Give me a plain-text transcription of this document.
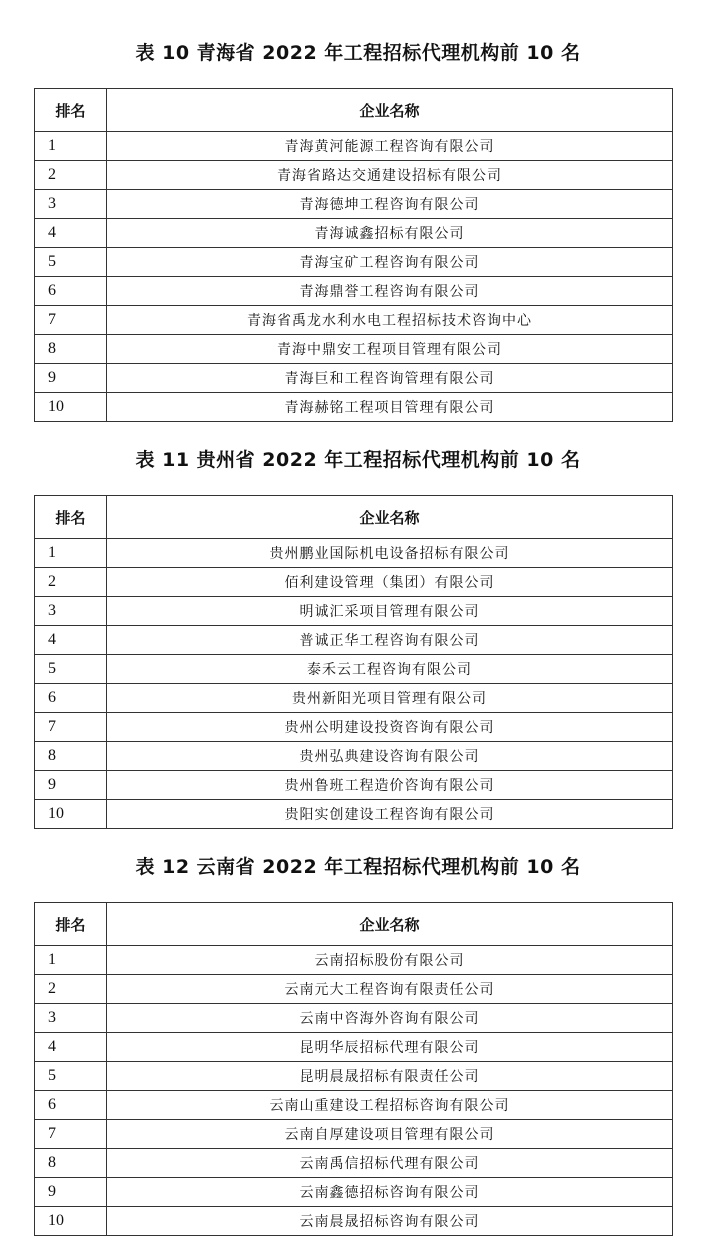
表 10 青海省 2022 年工程招标代理机构前 10 名
排名	企业名称
1	青海黄河能源工程咨询有限公司
2	青海省路达交通建设招标有限公司
3	青海德坤工程咨询有限公司
4	青海诚鑫招标有限公司
5	青海宝矿工程咨询有限公司
6	青海鼎誉工程咨询有限公司
7	青海省禹龙水利水电工程招标技术咨询中心
8	青海中鼎安工程项目管理有限公司
9	青海巨和工程咨询管理有限公司
10	青海赫铭工程项目管理有限公司
表 11 贵州省 2022 年工程招标代理机构前 10 名
排名	企业名称
1	贵州鹏业国际机电设备招标有限公司
2	佰利建设管理（集团）有限公司
3	明诚汇采项目管理有限公司
4	普诚正华工程咨询有限公司
5	泰禾云工程咨询有限公司
6	贵州新阳光项目管理有限公司
7	贵州公明建设投资咨询有限公司
8	贵州弘典建设咨询有限公司
9	贵州鲁班工程造价咨询有限公司
10	贵阳实创建设工程咨询有限公司
表 12 云南省 2022 年工程招标代理机构前 10 名
排名	企业名称
1	云南招标股份有限公司
2	云南元大工程咨询有限责任公司
3	云南中咨海外咨询有限公司
4	昆明华辰招标代理有限公司
5	昆明晨晟招标有限责任公司
6	云南山重建设工程招标咨询有限公司
7	云南自厚建设项目管理有限公司
8	云南禹信招标代理有限公司
9	云南鑫德招标咨询有限公司
10	云南晨晟招标咨询有限公司
